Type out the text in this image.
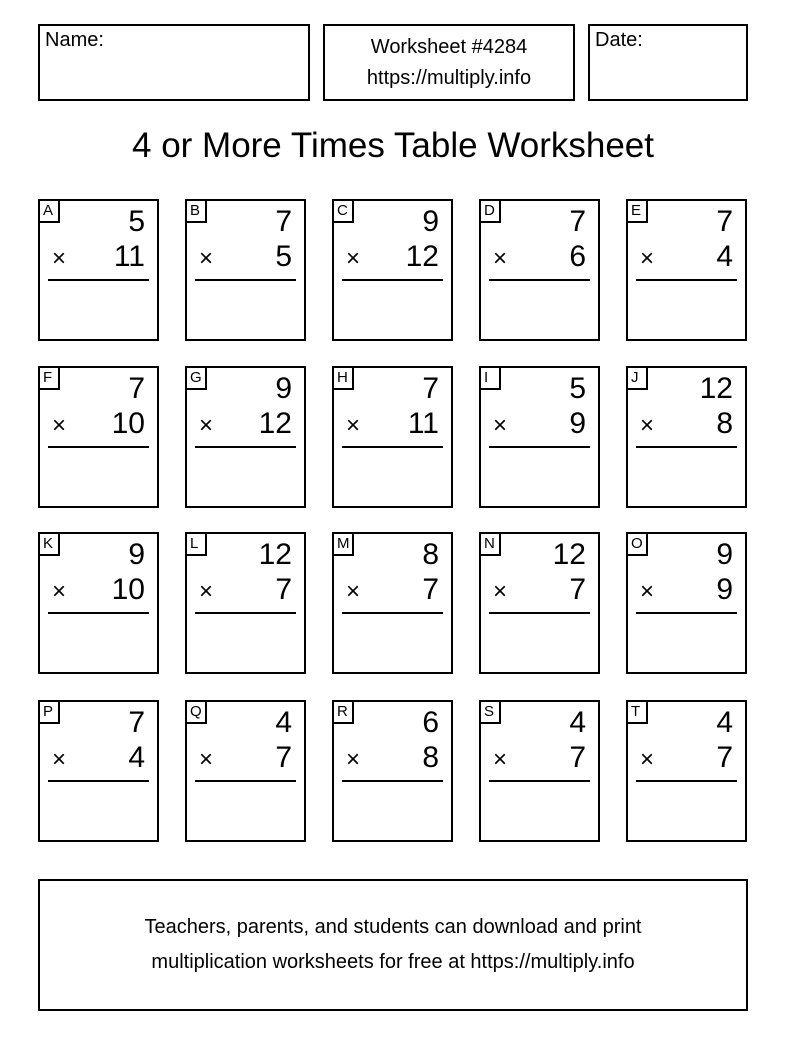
Name:	Worksheet #4284
https://multiply.info
Date:
4 or More Times Table Worksheet
A	5
× 11
B	7
× 5
C 9
× 12
D 7
× 6
E	7
× 4
F	7
× 10
G 9
× 12
H 7
× 11
I	5
× 9
J	12
× 8
K	9
× 10
L 12
× 7
M 8
× 7
N 12
× 7
O 9
× 9
P	7
× 4
Q 4
× 7
R 6
× 8
S	4
× 7
T	4
× 7
Teachers, parents, and students can download and print
multiplication worksheets for free at https://multiply.info
